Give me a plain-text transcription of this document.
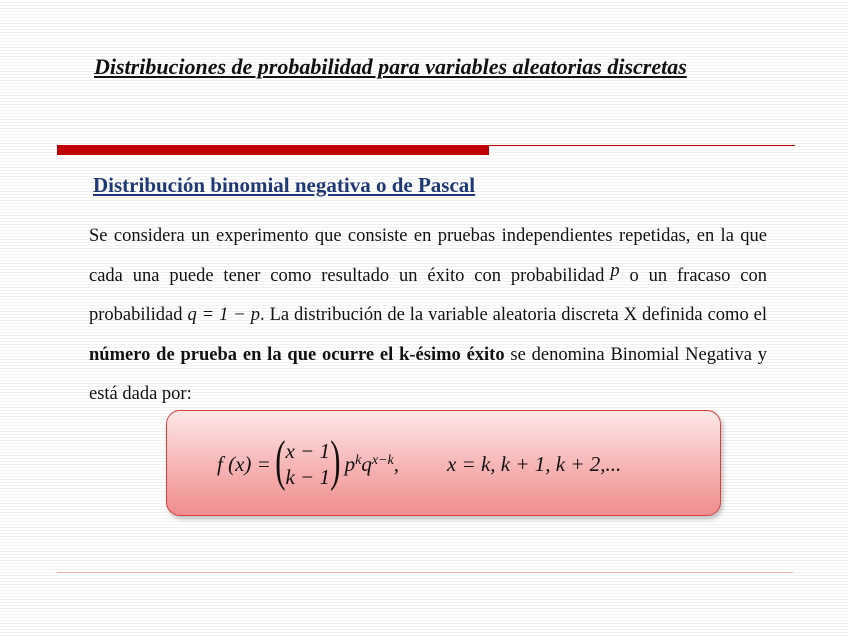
Distribuciones de probabilidad para variables aleatorias discretas
Distribución binomial negativa o de Pascal

Se considera un experimento que consiste en pruebas independientes repetidas, en la que cada una puede tener como resultado un éxito con probabilidad p o un fracaso con probabilidad q = 1 − p. La distribución de la variable aleatoria discreta X definida como el número de prueba en la que ocurre el k-ésimo éxito se denomina Binomial Negativa y está dada por:

f (x) = ( x − 1
k − 1 ) $p^k$ $q^{x-k}$ , x = k, k + 1, k + 2,...
